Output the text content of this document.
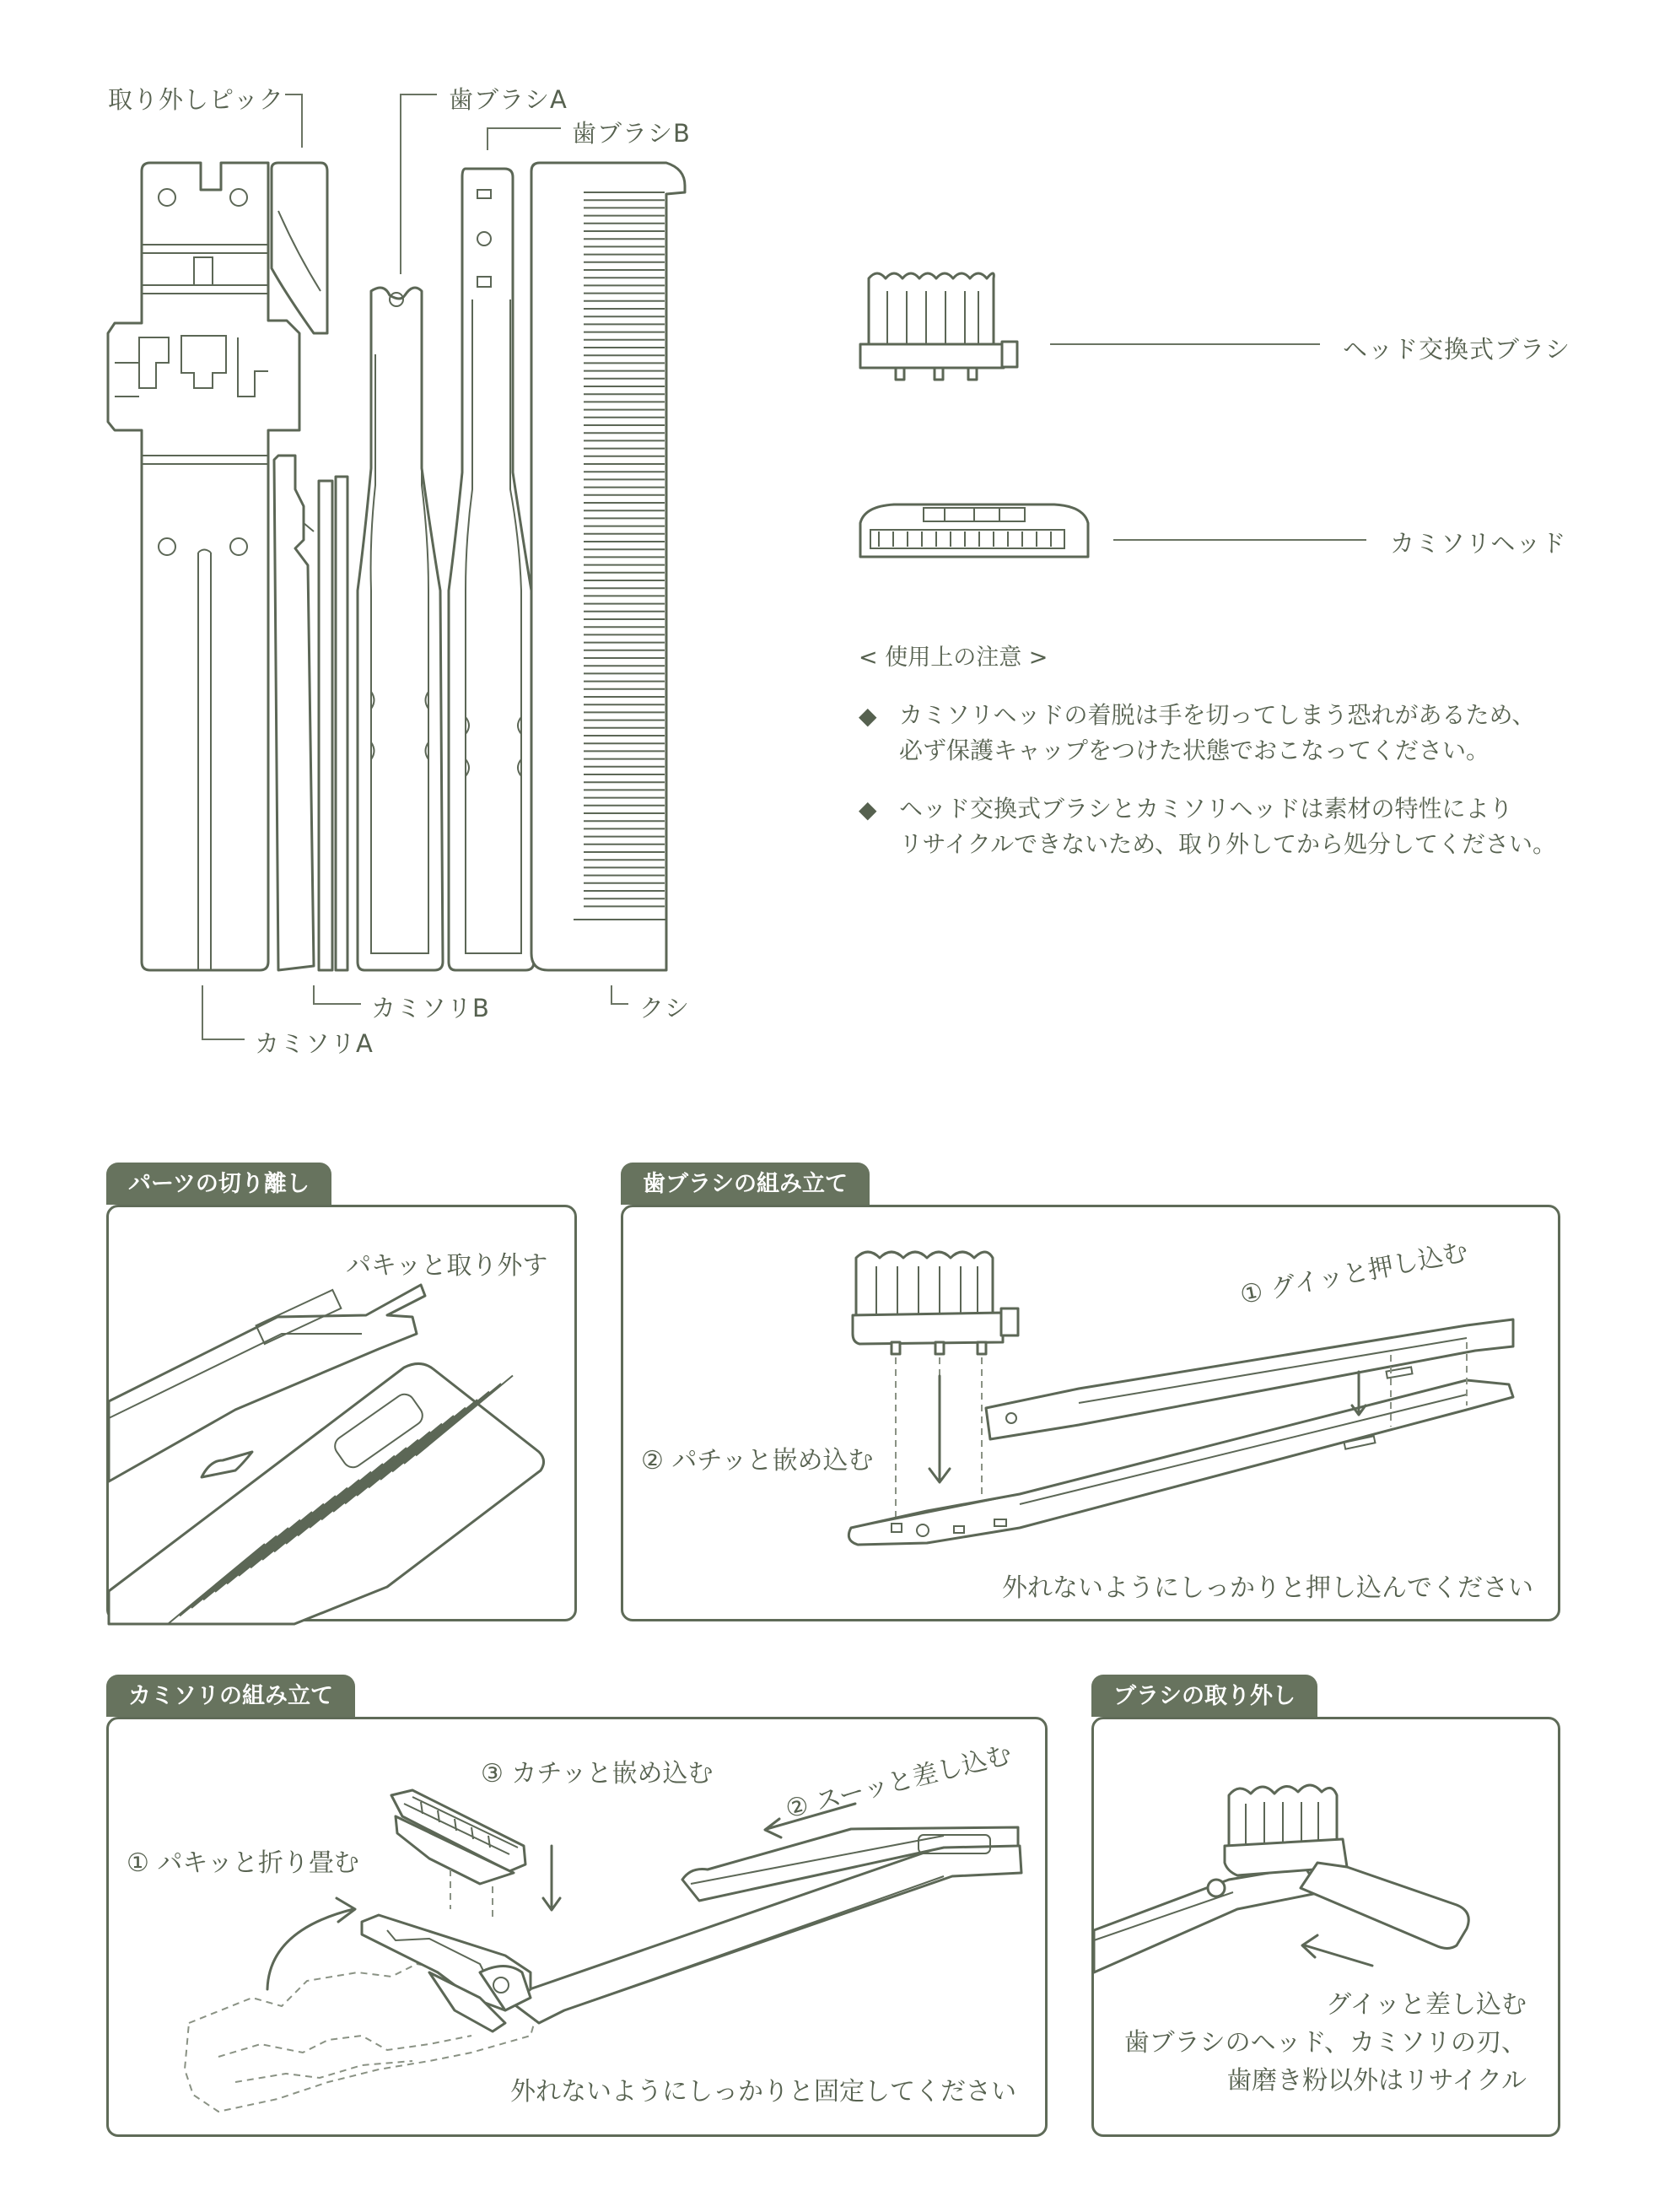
取り外しピック	歯ブラシA
歯ブラシB
カミソリB
カミソリA
クシ
ヘッド交換式ブラシ
カミソリヘッド
< 使用上の注意 >
◆ カミソリヘッドの着脱は手を切ってしまう恐れがあるため、
必ず保護キャップをつけた状態でおこなってください。
◆ ヘッド交換式ブラシとカミソリヘッドは素材の特性により
リサイクルできないため、取り外してから処分してください。
パーツの切り離し
パキッと取り外す
歯ブラシの組み立て
① グイッと押し込む
② パチッと嵌め込む
外れないようにしっかりと押し込んでください
カミソリの組み立て
① パキッと折り畳む
② スーッと差し込む
③ カチッと嵌め込む
外れないようにしっかりと固定してください
ブラシの取り外し
グイッと差し込む
歯ブラシのヘッド、カミソリの刃、
歯磨き粉以外はリサイクル
